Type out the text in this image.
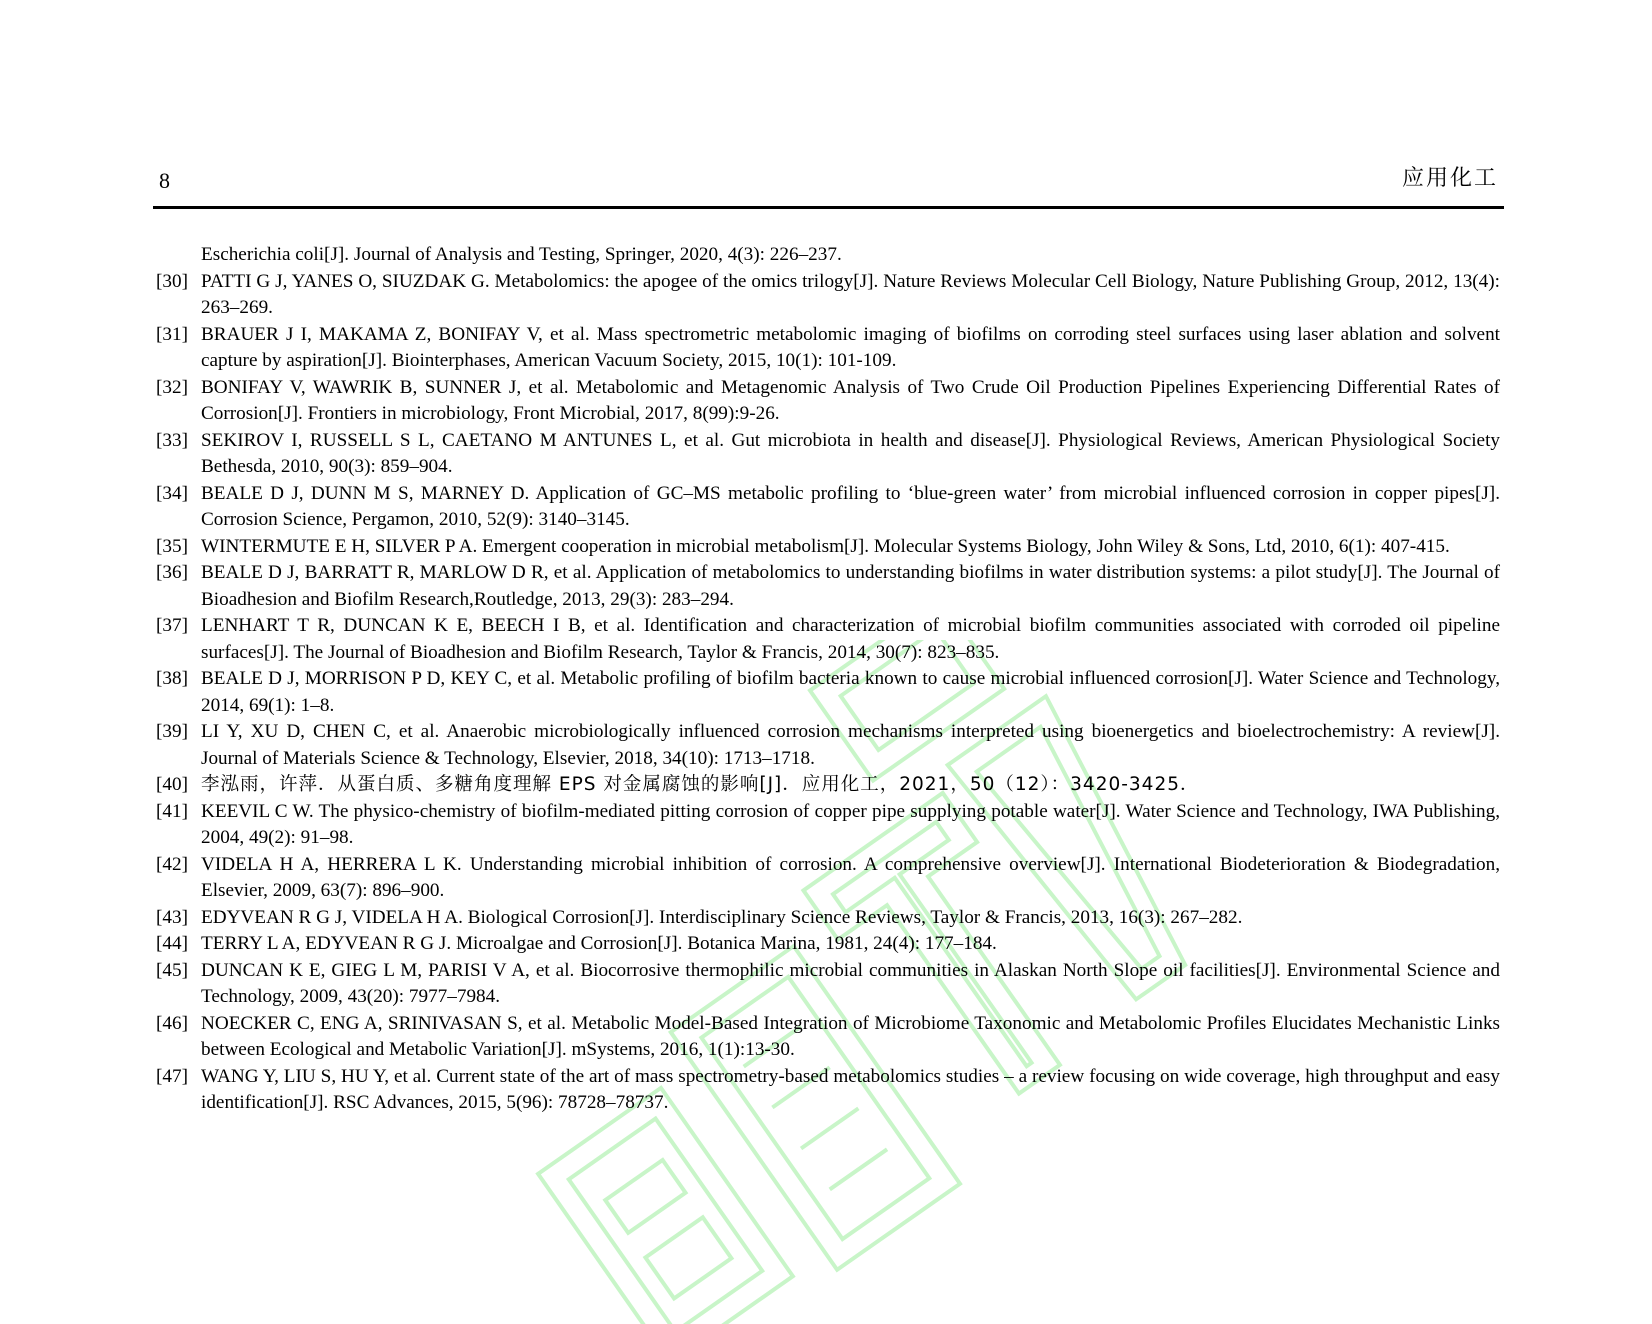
8	应用化工
Escherichia coli[J]. Journal of Analysis and Testing, Springer, 2020, 4(3): 226–237.
[30] PATTI G J, YANES O, SIUZDAK G. Metabolomics: the apogee of the omics trilogy[J]. Nature Reviews Molecular Cell Biology, Nature Publishing Group, 2012, 13(4): 263–269.
[31] BRAUER J I, MAKAMA Z, BONIFAY V, et al. Mass spectrometric metabolomic imaging of biofilms on corroding steel surfaces using laser ablation and solvent capture by aspiration[J]. Biointerphases, American Vacuum Society, 2015, 10(1): 101-109.
[32] BONIFAY V, WAWRIK B, SUNNER J, et al. Metabolomic and Metagenomic Analysis of Two Crude Oil Production Pipelines Experiencing Differential Rates of Corrosion[J]. Frontiers in microbiology, Front Microbial, 2017, 8(99):9-26.
[33] SEKIROV I, RUSSELL S L, CAETANO M ANTUNES L, et al. Gut microbiota in health and disease[J]. Physiological Reviews, American Physiological Society Bethesda, 2010, 90(3): 859–904.
[34] BEALE D J, DUNN M S, MARNEY D. Application of GC–MS metabolic profiling to ‘blue-green water’ from microbial influenced corrosion in copper pipes[J]. Corrosion Science, Pergamon, 2010, 52(9): 3140–3145.
[35] WINTERMUTE E H, SILVER P A. Emergent cooperation in microbial metabolism[J]. Molecular Systems Biology, John Wiley & Sons, Ltd, 2010, 6(1): 407-415.
[36] BEALE D J, BARRATT R, MARLOW D R, et al. Application of metabolomics to understanding biofilms in water distribution systems: a pilot study[J]. The Journal of Bioadhesion and Biofilm Research,Routledge, 2013, 29(3): 283–294.
[37] LENHART T R, DUNCAN K E, BEECH I B, et al. Identification and characterization of microbial biofilm communities associated with corroded oil pipeline surfaces[J]. The Journal of Bioadhesion and Biofilm Research, Taylor & Francis, 2014, 30(7): 823–835.
[38] BEALE D J, MORRISON P D, KEY C, et al. Metabolic profiling of biofilm bacteria known to cause microbial influenced corrosion[J]. Water Science and Technology, 2014, 69(1): 1–8.
[39] LI Y, XU D, CHEN C, et al. Anaerobic microbiologically influenced corrosion mechanisms interpreted using bioenergetics and bioelectrochemistry: A review[J]. Journal of Materials Science & Technology, Elsevier, 2018, 34(10): 1713–1718.
[40] 李泓雨，许萍．从蛋白质、多糖角度理解 EPS 对金属腐蚀的影响[J]．应用化工，2021，50（12）：3420-3425．
[41] KEEVIL C W. The physico-chemistry of biofilm-mediated pitting corrosion of copper pipe supplying potable water[J]. Water Science and Technology, IWA Publishing, 2004, 49(2): 91–98.
[42] VIDELA H A, HERRERA L K. Understanding microbial inhibition of corrosion. A comprehensive overview[J]. International Biodeterioration & Biodegradation, Elsevier, 2009, 63(7): 896–900.
[43] EDYVEAN R G J, VIDELA H A. Biological Corrosion[J]. Interdisciplinary Science Reviews, Taylor & Francis, 2013, 16(3): 267–282.
[44] TERRY L A, EDYVEAN R G J. Microalgae and Corrosion[J]. Botanica Marina, 1981, 24(4): 177–184.
[45] DUNCAN K E, GIEG L M, PARISI V A, et al. Biocorrosive thermophilic microbial communities in Alaskan North Slope oil facilities[J]. Environmental Science and Technology, 2009, 43(20): 7977–7984.
[46] NOECKER C, ENG A, SRINIVASAN S, et al. Metabolic Model-Based Integration of Microbiome Taxonomic and Metabolomic Profiles Elucidates Mechanistic Links between Ecological and Metabolic Variation[J]. mSystems, 2016, 1(1):13-30.
[47] WANG Y, LIU S, HU Y, et al. Current state of the art of mass spectrometry-based metabolomics studies – a review focusing on wide coverage, high throughput and easy identification[J]. RSC Advances, 2015, 5(96): 78728–78737.
